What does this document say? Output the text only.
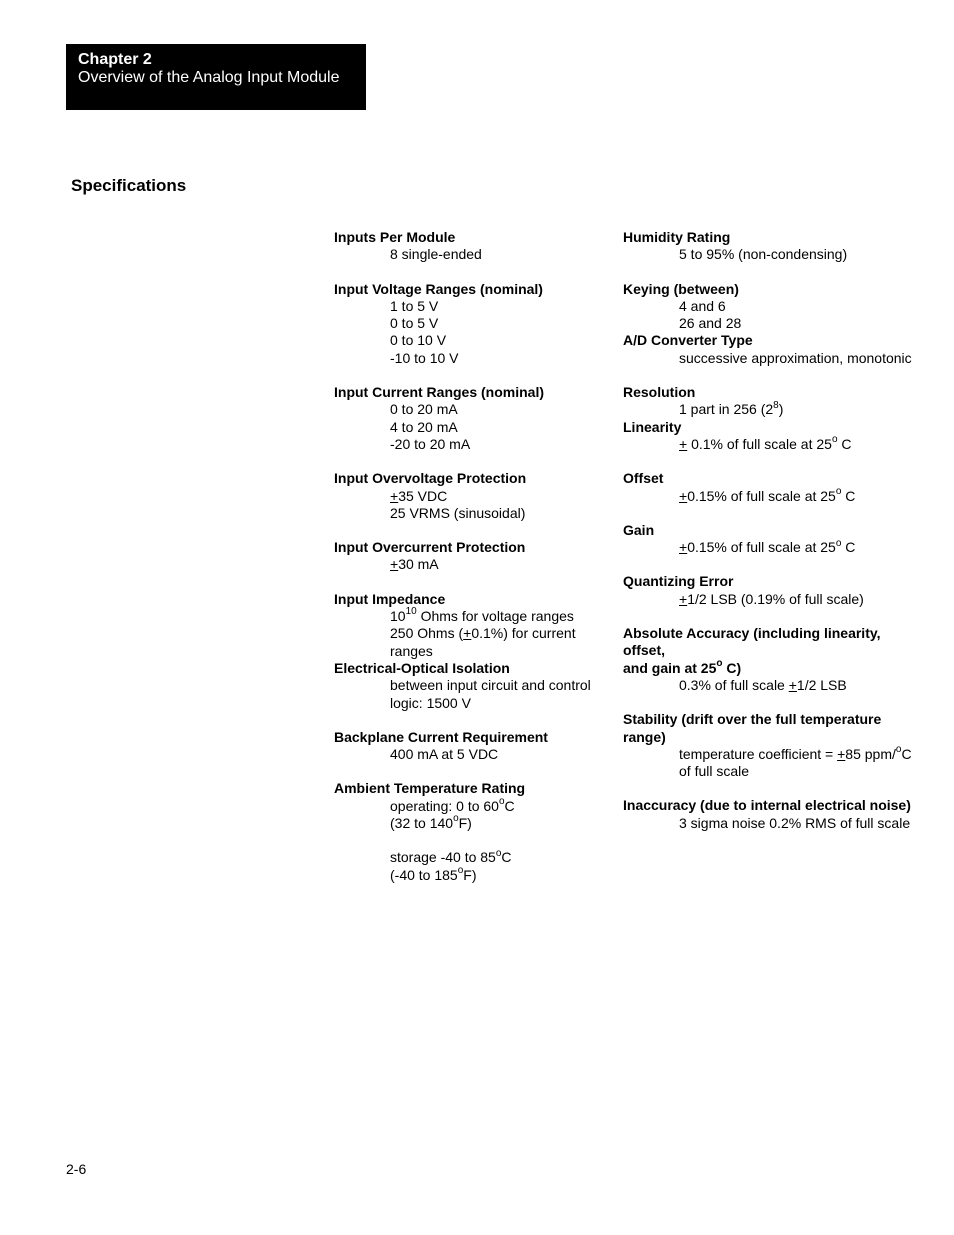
Chapter 2
Overview of the Analog Input Module
Specifications
Inputs Per Module
8 single-ended
Input Voltage Ranges (nominal)
1 to 5 V
0 to 5 V
0 to 10 V
-10 to 10 V
Input Current Ranges (nominal)
0 to 20 mA
4 to 20 mA
-20 to 20 mA
Input Overvoltage Protection
+35 VDC
25 VRMS (sinusoidal)
Input Overcurrent Protection
+30 mA
Input Impedance
$10^{10}$ Ohms for voltage ranges
250 Ohms (+0.1%) for current ranges
Electrical-Optical Isolation
between input circuit and control
logic: 1500 V
Backplane Current Requirement
400 mA at 5 VDC
Ambient Temperature Rating
operating: 0 to 60$^o$C
(32 to 140$^o$F)
storage -40 to 85$^o$C
(-40 to 185$^o$F)
Humidity Rating
5 to 95% (non-condensing)
Keying (between)
4 and 6
26 and 28
A/D Converter Type
successive approximation, monotonic
Resolution
1 part in 256 $(2^8)$
Linearity
+ 0.1% of full scale at 25$^o$ C
Offset
+0.15% of full scale at 25$^o$ C
Gain
+0.15% of full scale at 25$^o$ C
Quantizing Error
+1/2 LSB (0.19% of full scale)
Absolute Accuracy (including linearity, offset,
and gain at 25$^o$ C)
0.3% of full scale +1/2 LSB
Stability (drift over the full temperature
range)
temperature coefficient = +85 ppm/$^o$C
of full scale
Inaccuracy (due to internal electrical noise)
3 sigma noise 0.2% RMS of full scale
2-6
